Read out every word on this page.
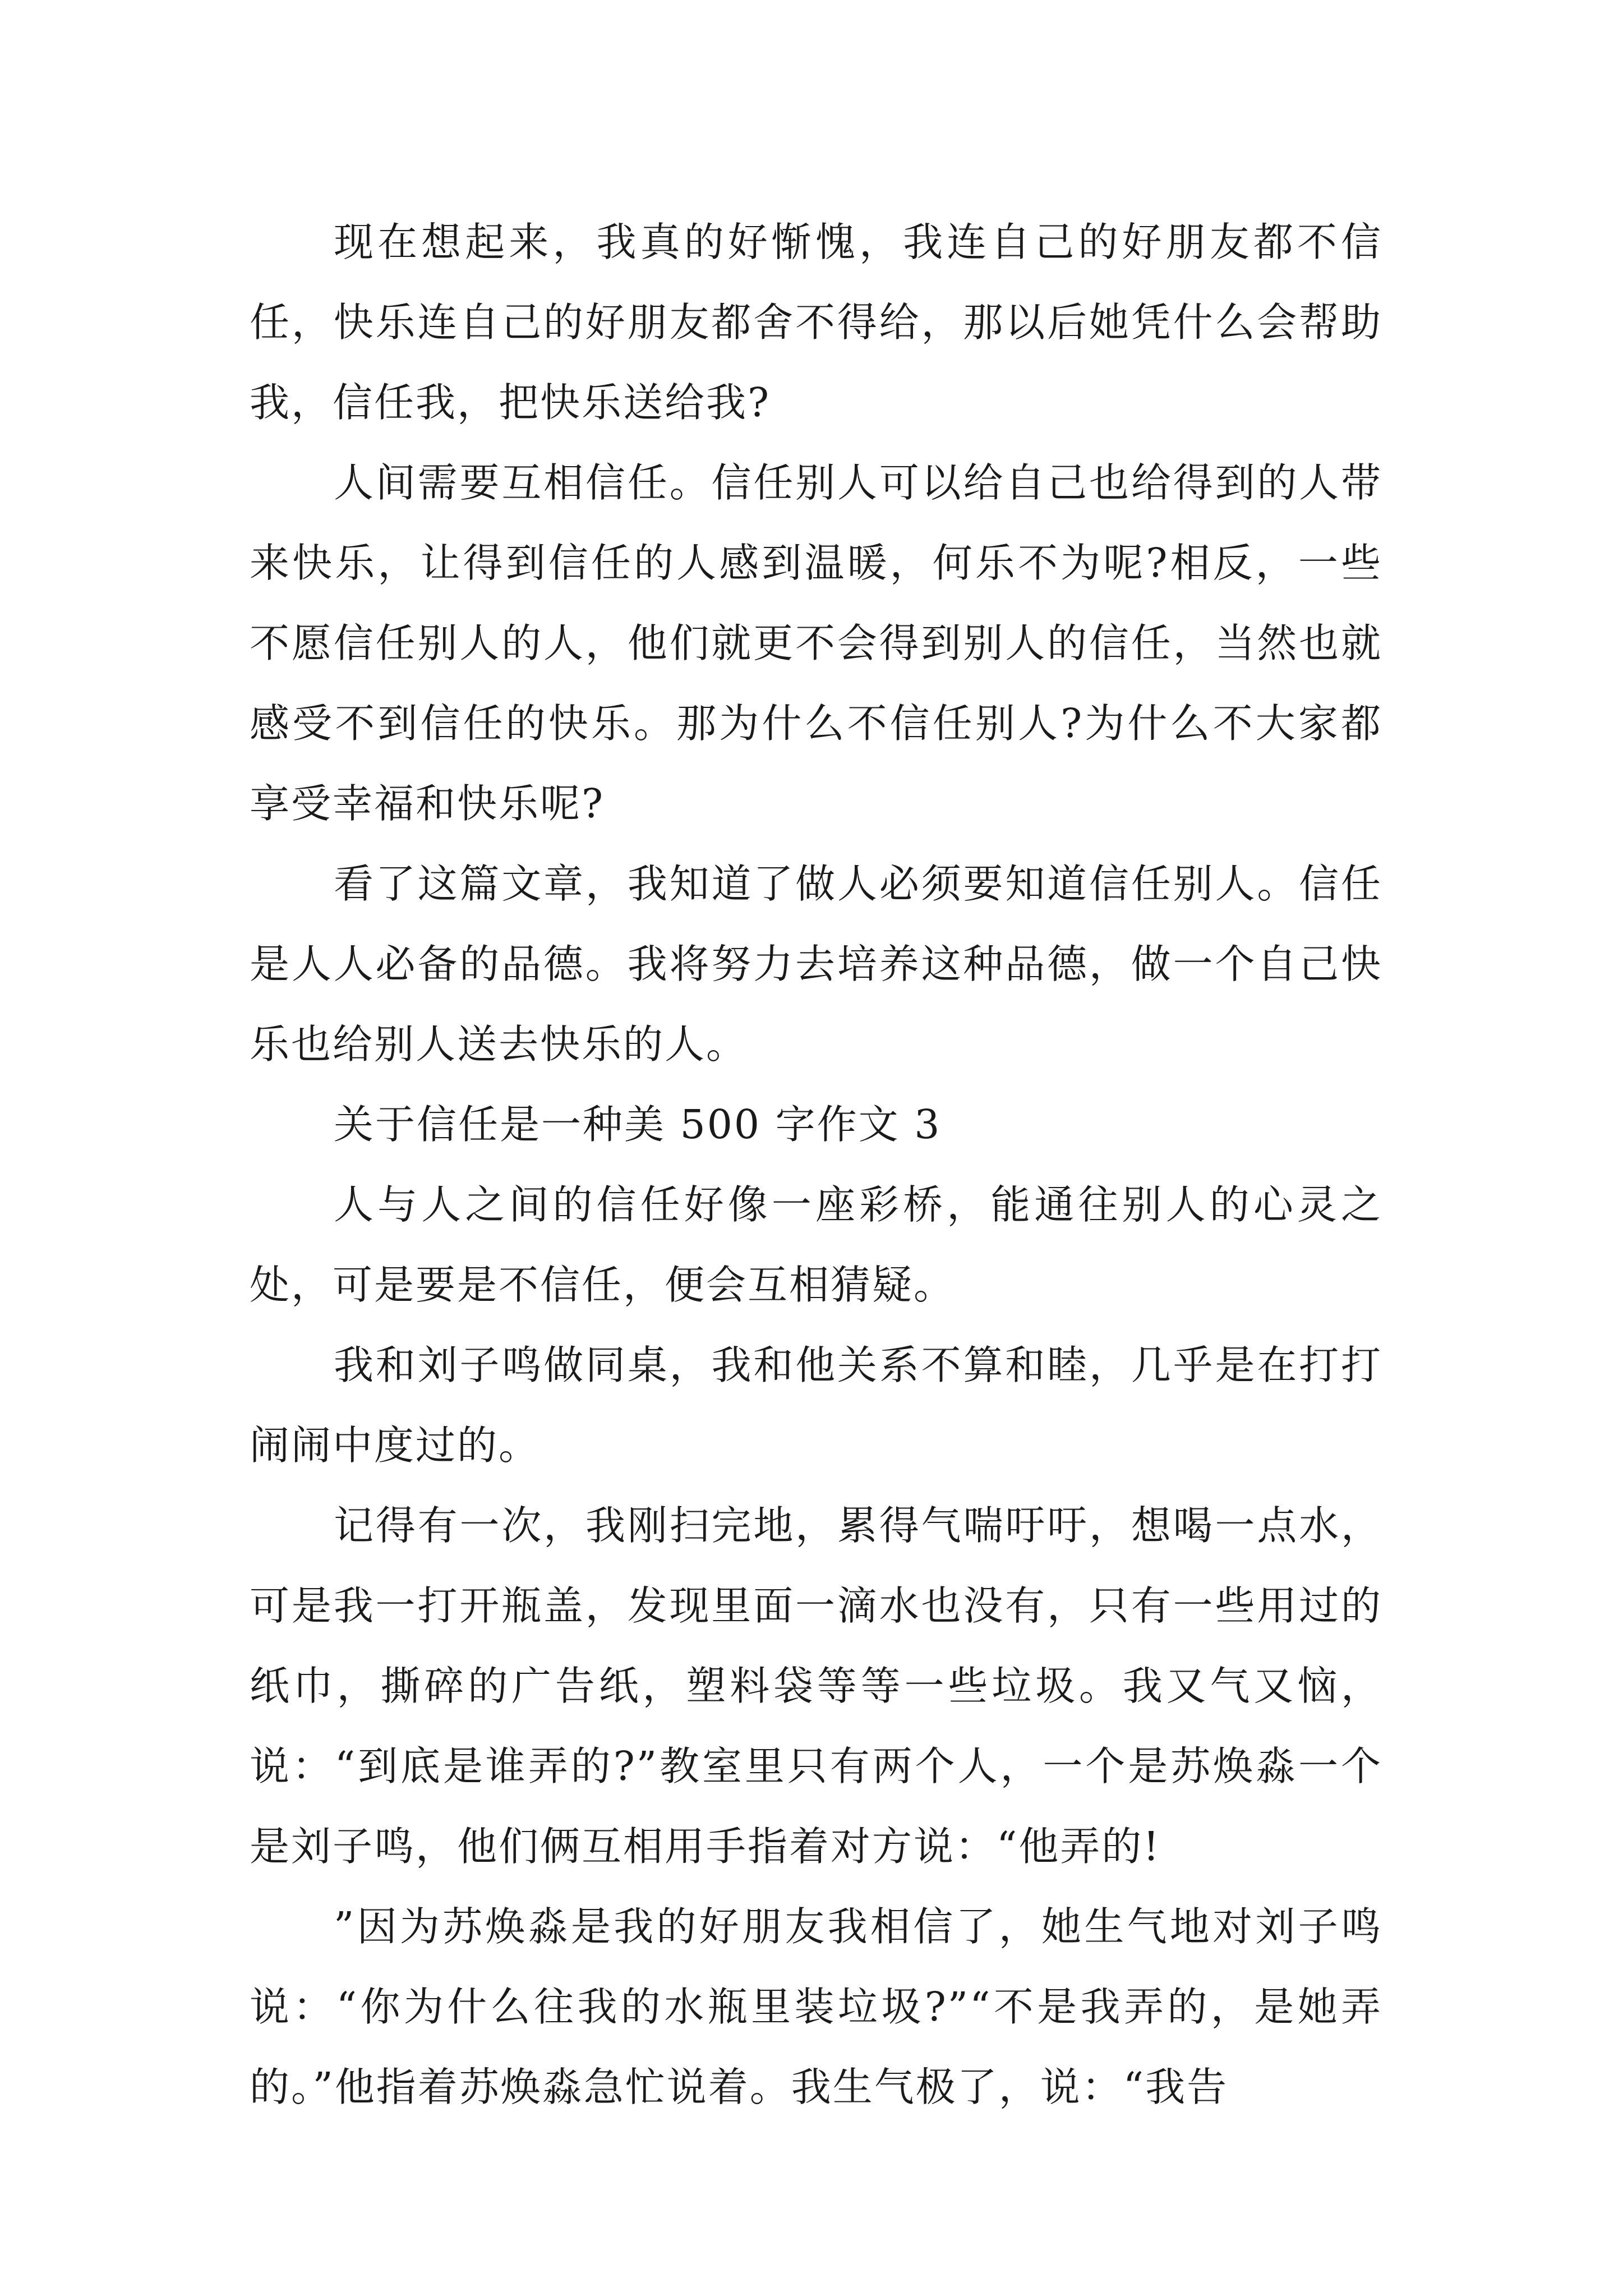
现在想起来，我真的好惭愧，我连自己的好朋友都不信任，快乐连自己的好朋友都舍不得给，那以后她凭什么会帮助我，信任我，把快乐送给我?

人间需要互相信任。信任别人可以给自己也给得到的人带来快乐，让得到信任的人感到温暖，何乐不为呢?相反，一些不愿信任别人的人，他们就更不会得到别人的信任，当然也就感受不到信任的快乐。那为什么不信任别人?为什么不大家都享受幸福和快乐呢?

看了这篇文章，我知道了做人必须要知道信任别人。信任是人人必备的品德。我将努力去培养这种品德，做一个自己快乐也给别人送去快乐的人。

关于信任是一种美 500 字作文 3

人与人之间的信任好像一座彩桥，能通往别人的心灵之处，可是要是不信任，便会互相猜疑。

我和刘子鸣做同桌，我和他关系不算和睦，几乎是在打打闹闹中度过的。

记得有一次，我刚扫完地，累得气喘吁吁，想喝一点水，可是我一打开瓶盖，发现里面一滴水也没有，只有一些用过的纸巾，撕碎的广告纸，塑料袋等等一些垃圾。我又气又恼，说：“到底是谁弄的?”教室里只有两个人，一个是苏焕淼一个是刘子鸣，他们俩互相用手指着对方说：“他弄的!

”因为苏焕淼是我的好朋友我相信了，她生气地对刘子鸣说：“你为什么往我的水瓶里装垃圾?”“不是我弄的，是她弄的。”他指着苏焕淼急忙说着。我生气极了，说：“我告
